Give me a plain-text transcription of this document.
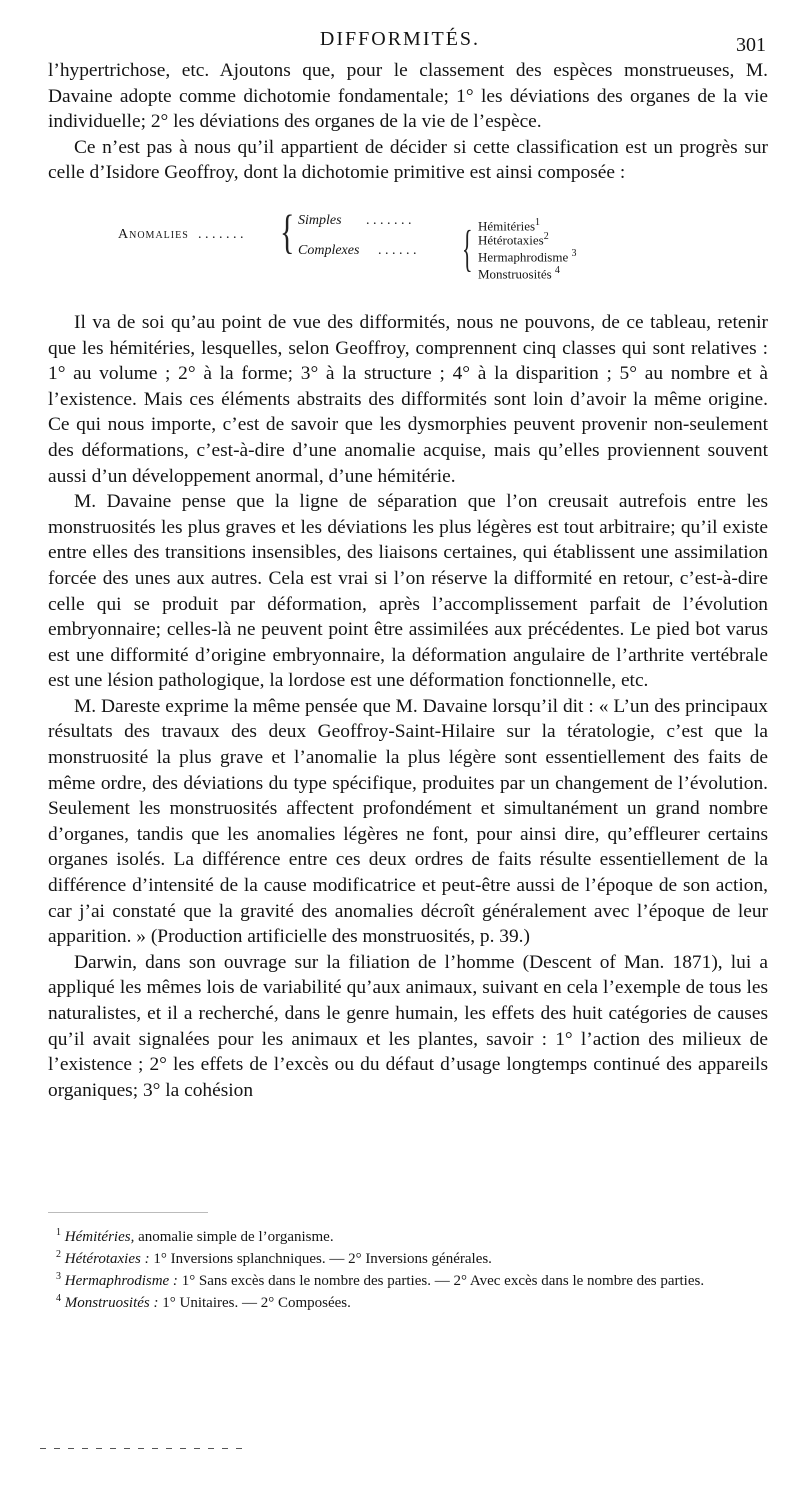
DIFFORMITÉS.	301

l’hypertrichose, etc. Ajoutons que, pour le classement des espèces monstrueuses, M. Davaine adopte comme dichotomie fondamentale; 1° les déviations des organes de la vie individuelle; 2° les déviations des organes de la vie de l’espèce.

Ce n’est pas à nous qu’il appartient de décider si cette classification est un progrès sur celle d’Isidore Geoffroy, dont la dichotomie primitive est ainsi composée :

Anomalies . . . . . . . { Simples . . . . . . .	Hémitéries$^1$
Complexes . . . . . . { Hétérotaxies$^2$
Hermaphrodisme $^3$
Monstruosités $^4$

Il va de soi qu’au point de vue des difformités, nous ne pouvons, de ce tableau, retenir que les hémitéries, lesquelles, selon Geoffroy, comprennent cinq classes qui sont relatives : 1° au volume ; 2° à la forme; 3° à la structure ; 4° à la disparition ; 5° au nombre et à l’existence. Mais ces éléments abstraits des difformités sont loin d’avoir la même origine. Ce qui nous importe, c’est de savoir que les dysmorphies peuvent provenir non-seulement des déformations, c’est-à-dire d’une anomalie acquise, mais qu’elles proviennent souvent aussi d’un développement anormal, d’une hémitérie.

M. Davaine pense que la ligne de séparation que l’on creusait autrefois entre les monstruosités les plus graves et les déviations les plus légères est tout arbitraire; qu’il existe entre elles des transitions insensibles, des liaisons certaines, qui établissent une assimilation forcée des unes aux autres. Cela est vrai si l’on réserve la difformité en retour, c’est-à-dire celle qui se produit par déformation, après l’accomplissement parfait de l’évolution embryonnaire; celles-là ne peuvent point être assimilées aux précédentes. Le pied bot varus est une difformité d’origine embryonnaire, la déformation angulaire de l’arthrite vertébrale est une lésion pathologique, la lordose est une déformation fonctionnelle, etc.

M. Dareste exprime la même pensée que M. Davaine lorsqu’il dit : « L’un des principaux résultats des travaux des deux Geoffroy-Saint-Hilaire sur la tératologie, c’est que la monstruosité la plus grave et l’anomalie la plus légère sont essentiellement des faits de même ordre, des déviations du type spécifique, produites par un changement de l’évolution. Seulement les monstruosités affectent profondément et simultanément un grand nombre d’organes, tandis que les anomalies légères ne font, pour ainsi dire, qu’effleurer certains organes isolés. La différence entre ces deux ordres de faits résulte essentiellement de la différence d’intensité de la cause modificatrice et peut-être aussi de l’époque de son action, car j’ai constaté que la gravité des anomalies décroît généralement avec l’époque de leur apparition. » (Production artificielle des monstruosités, p. 39.)

Darwin, dans son ouvrage sur la filiation de l’homme (Descent of Man. 1871), lui a appliqué les mêmes lois de variabilité qu’aux animaux, suivant en cela l’exemple de tous les naturalistes, et il a recherché, dans le genre humain, les effets des huit catégories de causes qu’il avait signalées pour les animaux et les plantes, savoir : 1° l’action des milieux de l’existence ; 2° les effets de l’excès ou du défaut d’usage longtemps continué des appareils organiques; 3° la cohésion

$^1$ Hémitéries, anomalie simple de l’organisme.

$^2$ Hétérotaxies : 1° Inversions splanchniques. — 2° Inversions générales.

$^3$ Hermaphrodisme : 1° Sans excès dans le nombre des parties. — 2° Avec excès dans le nombre des parties.

$^4$ Monstruosités : 1° Unitaires. — 2° Composées.
